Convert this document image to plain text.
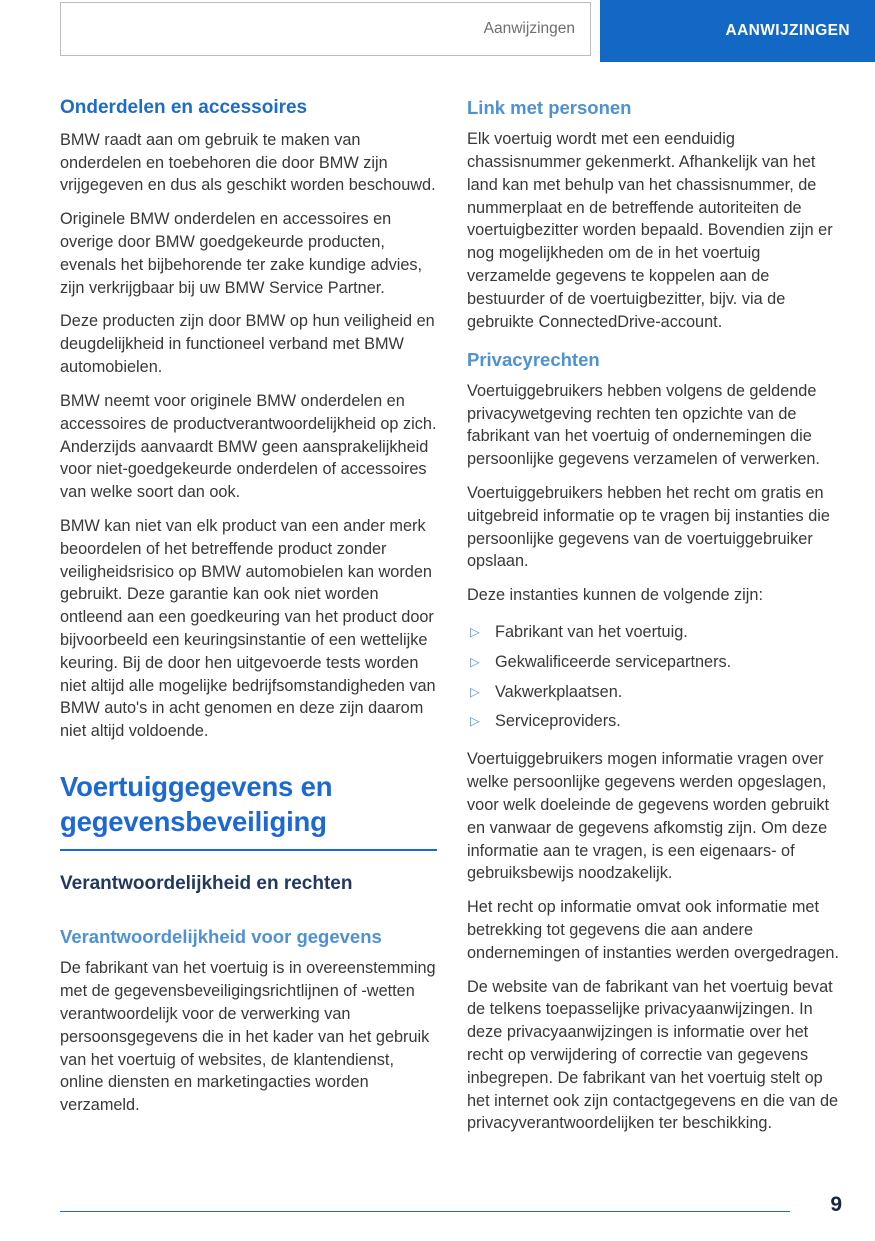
Aanwijzingen	AANWIJZINGEN
Onderdelen en accessoires

BMW raadt aan om gebruik te maken van onderdelen en toebehoren die door BMW zijn vrijgegeven en dus als geschikt worden beschouwd.

Originele BMW onderdelen en accessoires en overige door BMW goedgekeurde producten, evenals het bijbehorende ter zake kundige advies, zijn verkrijgbaar bij uw BMW Service Partner.

Deze producten zijn door BMW op hun veiligheid en deugdelijkheid in functioneel verband met BMW automobielen.

BMW neemt voor originele BMW onderdelen en accessoires de productverantwoordelijkheid op zich. Anderzijds aanvaardt BMW geen aansprakelijkheid voor niet-goedgekeurde onderdelen of accessoires van welke soort dan ook.

BMW kan niet van elk product van een ander merk beoordelen of het betreffende product zonder veiligheidsrisico op BMW automobielen kan worden gebruikt. Deze garantie kan ook niet worden ontleend aan een goedkeuring van het product door bijvoorbeeld een keuringsinstantie of een wettelijke keuring. Bij de door hen uitgevoerde tests worden niet altijd alle mogelijke bedrijfsomstandigheden van BMW auto's in acht genomen en deze zijn daarom niet altijd voldoende.

Voertuiggegevens en gegevensbeveiliging
Verantwoordelijkheid en rechten
Verantwoordelijkheid voor gegevens

De fabrikant van het voertuig is in overeenstemming met de gegevensbeveiligingsrichtlijnen of -wetten verantwoordelijk voor de verwerking van persoonsgegevens die in het kader van het gebruik van het voertuig of websites, de klantendienst, online diensten en marketingacties worden verzameld.

Link met personen

Elk voertuig wordt met een eenduidig chassisnummer gekenmerkt. Afhankelijk van het land kan met behulp van het chassisnummer, de nummerplaat en de betreffende autoriteiten de voertuigbezitter worden bepaald. Bovendien zijn er nog mogelijkheden om de in het voertuig verzamelde gegevens te koppelen aan de bestuurder of de voertuigbezitter, bijv. via de gebruikte ConnectedDrive-account.

Privacyrechten

Voertuiggebruikers hebben volgens de geldende privacywetgeving rechten ten opzichte van de fabrikant van het voertuig of ondernemingen die persoonlijke gegevens verzamelen of verwerken.

Voertuiggebruikers hebben het recht om gratis en uitgebreid informatie op te vragen bij instanties die persoonlijke gegevens van de voertuiggebruiker opslaan.

Deze instanties kunnen de volgende zijn:

▷ Fabrikant van het voertuig.
▷ Gekwalificeerde servicepartners.
▷ Vakwerkplaatsen.
▷ Serviceproviders.

Voertuiggebruikers mogen informatie vragen over welke persoonlijke gegevens werden opgeslagen, voor welk doeleinde de gegevens worden gebruikt en vanwaar de gegevens afkomstig zijn. Om deze informatie aan te vragen, is een eigenaars- of gebruiksbewijs noodzakelijk.

Het recht op informatie omvat ook informatie met betrekking tot gegevens die aan andere ondernemingen of instanties werden overgedragen.

De website van de fabrikant van het voertuig bevat de telkens toepasselijke privacyaanwijzingen. In deze privacyaanwijzingen is informatie over het recht op verwijdering of correctie van gegevens inbegrepen. De fabrikant van het voertuig stelt op het internet ook zijn contactgegevens en die van de privacyverantwoordelijken ter beschikking.

9
